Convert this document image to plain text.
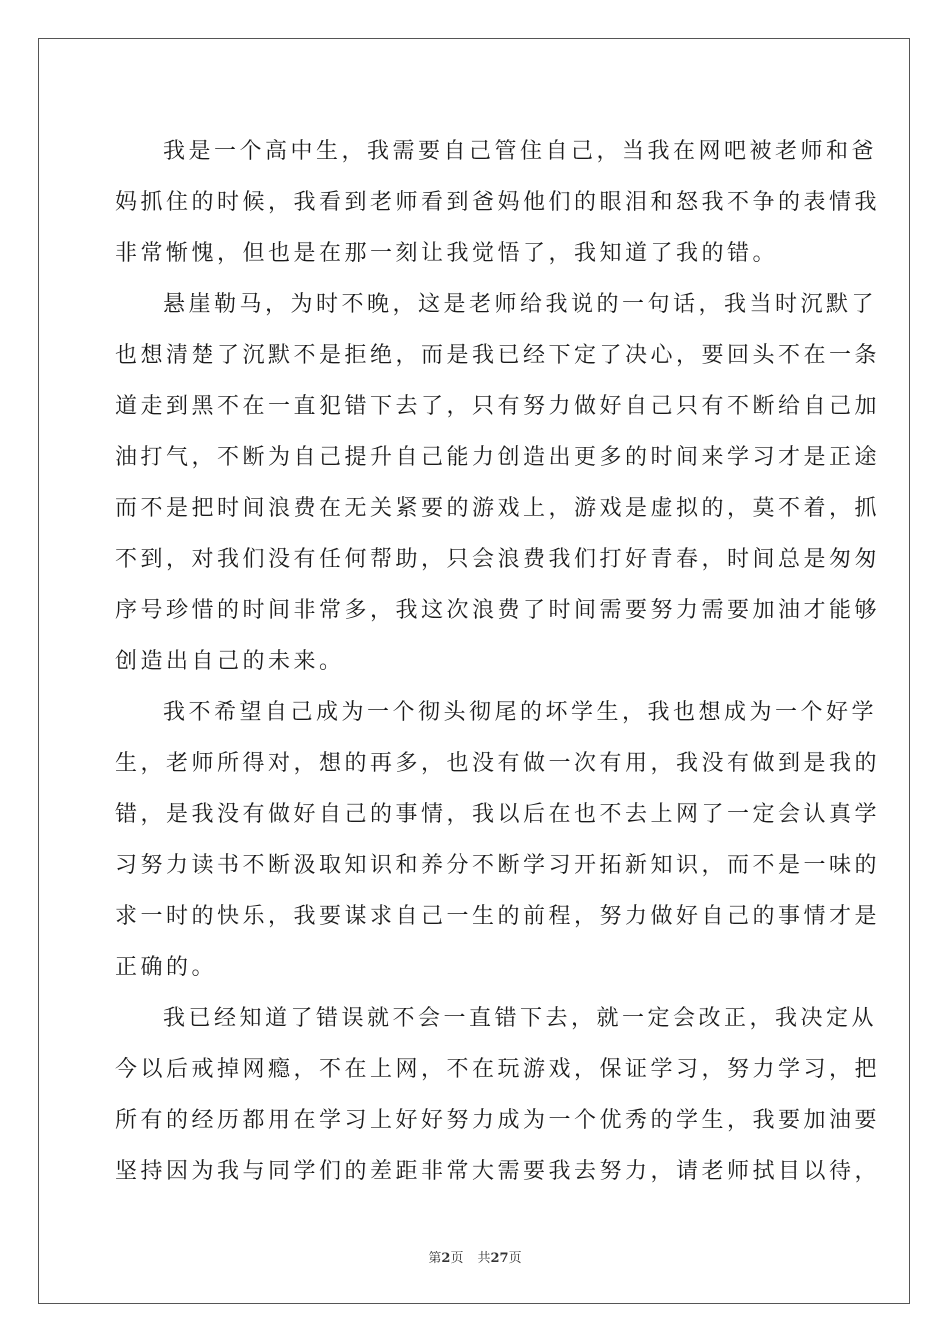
我是一个高中生，我需要自己管住自己，当我在网吧被老师和爸
妈抓住的时候，我看到老师看到爸妈他们的眼泪和怒我不争的表情我
非常惭愧，但也是在那一刻让我觉悟了，我知道了我的错。
悬崖勒马，为时不晚，这是老师给我说的一句话，我当时沉默了
也想清楚了沉默不是拒绝，而是我已经下定了决心，要回头不在一条
道走到黑不在一直犯错下去了，只有努力做好自己只有不断给自己加
油打气，不断为自己提升自己能力创造出更多的时间来学习才是正途
而不是把时间浪费在无关紧要的游戏上，游戏是虚拟的，莫不着，抓
不到，对我们没有任何帮助，只会浪费我们打好青春，时间总是匆匆
序号珍惜的时间非常多，我这次浪费了时间需要努力需要加油才能够
创造出自己的未来。
我不希望自己成为一个彻头彻尾的坏学生，我也想成为一个好学
生，老师所得对，想的再多，也没有做一次有用，我没有做到是我的
错，是我没有做好自己的事情，我以后在也不去上网了一定会认真学
习努力读书不断汲取知识和养分不断学习开拓新知识，而不是一味的
求一时的快乐，我要谋求自己一生的前程，努力做好自己的事情才是
正确的。
我已经知道了错误就不会一直错下去，就一定会改正，我决定从
今以后戒掉网瘾，不在上网，不在玩游戏，保证学习，努力学习，把
所有的经历都用在学习上好好努力成为一个优秀的学生，我要加油要
坚持因为我与同学们的差距非常大需要我去努力，请老师拭目以待，
第2页 共27页
